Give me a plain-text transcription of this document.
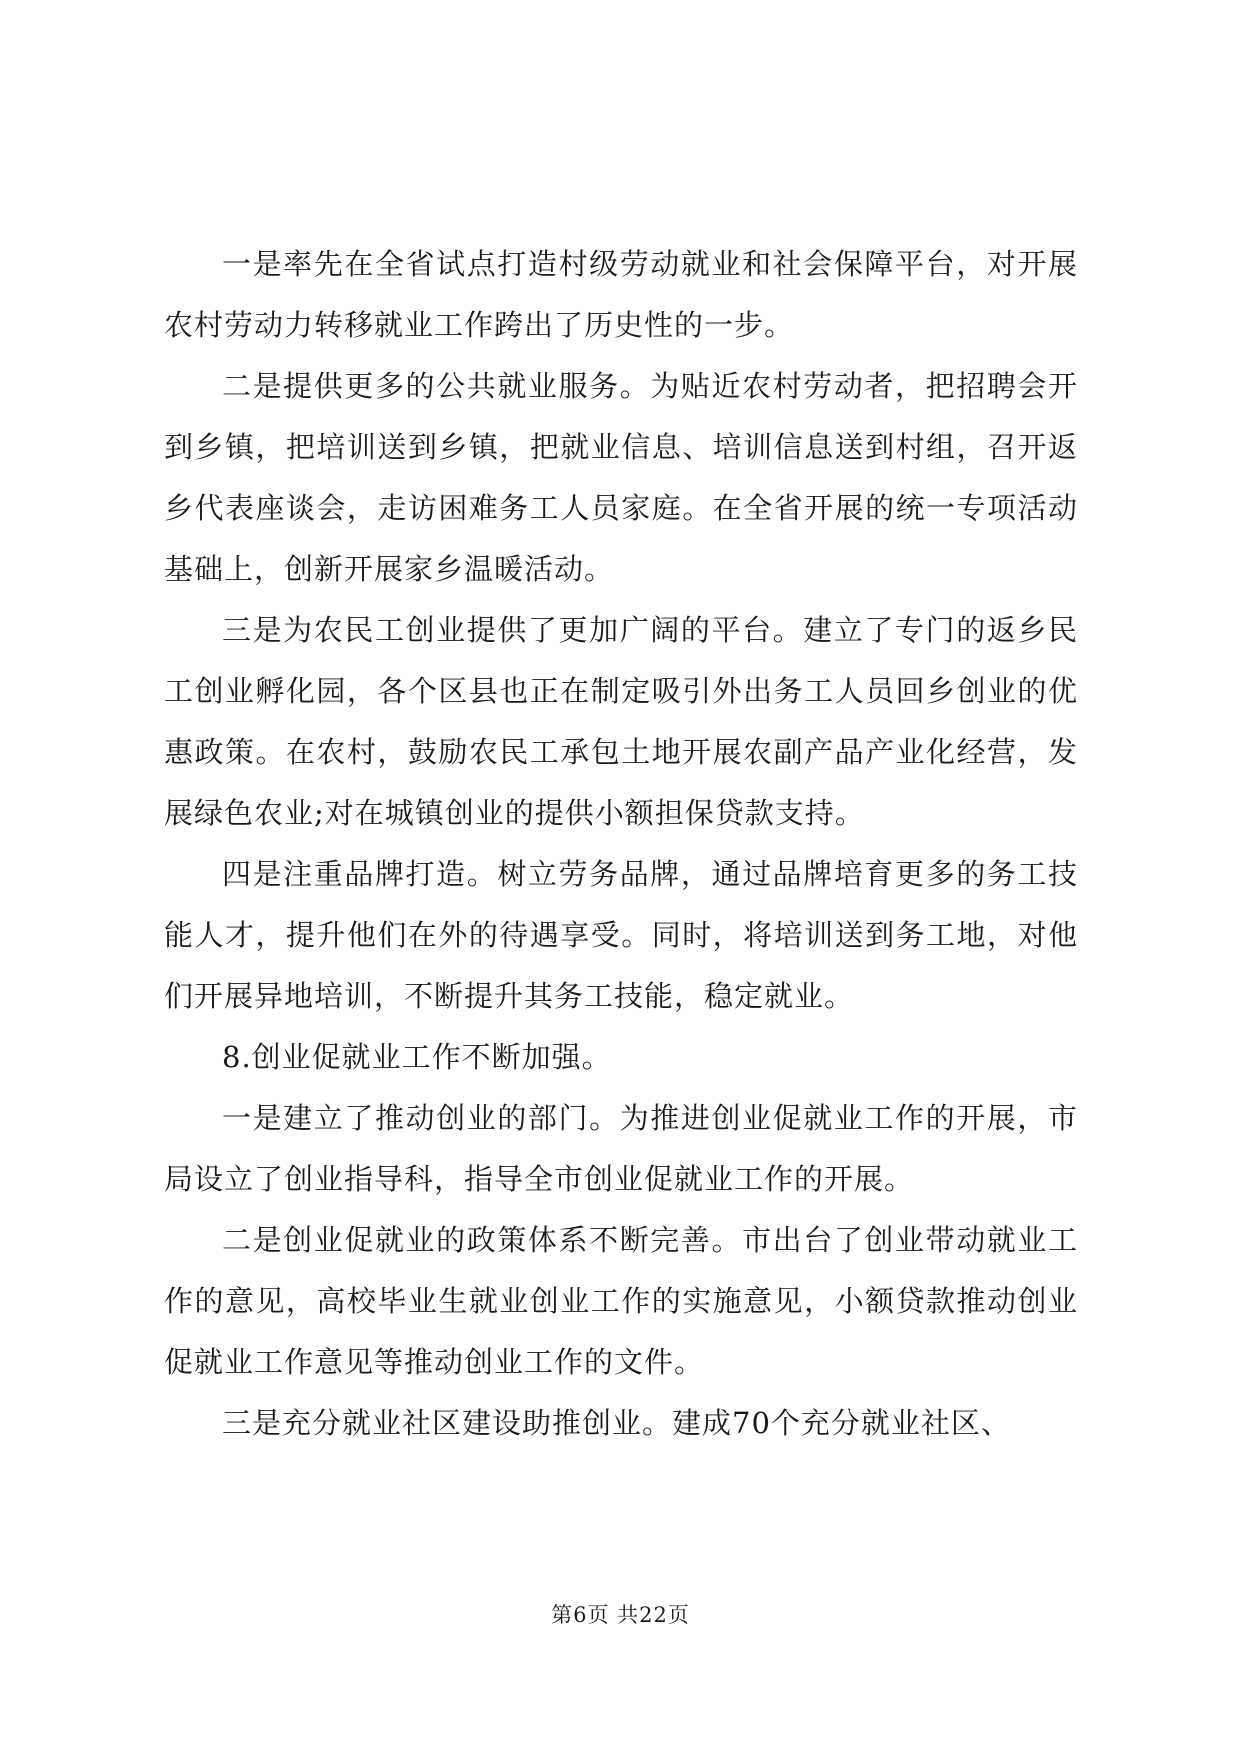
一是率先在全省试点打造村级劳动就业和社会保障平台，对开展农村劳动力转移就业工作跨出了历史性的一步。

二是提供更多的公共就业服务。为贴近农村劳动者，把招聘会开到乡镇，把培训送到乡镇，把就业信息、培训信息送到村组，召开返乡代表座谈会，走访困难务工人员家庭。在全省开展的统一专项活动基础上，创新开展家乡温暖活动。

三是为农民工创业提供了更加广阔的平台。建立了专门的返乡民工创业孵化园，各个区县也正在制定吸引外出务工人员回乡创业的优惠政策。在农村，鼓励农民工承包土地开展农副产品产业化经营，发展绿色农业;对在城镇创业的提供小额担保贷款支持。

四是注重品牌打造。树立劳务品牌，通过品牌培育更多的务工技能人才，提升他们在外的待遇享受。同时，将培训送到务工地，对他们开展异地培训，不断提升其务工技能，稳定就业。

8.创业促就业工作不断加强。

一是建立了推动创业的部门。为推进创业促就业工作的开展，市局设立了创业指导科，指导全市创业促就业工作的开展。

二是创业促就业的政策体系不断完善。市出台了创业带动就业工作的意见，高校毕业生就业创业工作的实施意见，小额贷款推动创业促就业工作意见等推动创业工作的文件。

三是充分就业社区建设助推创业。建成70个充分就业社区、

第6页 共22页
